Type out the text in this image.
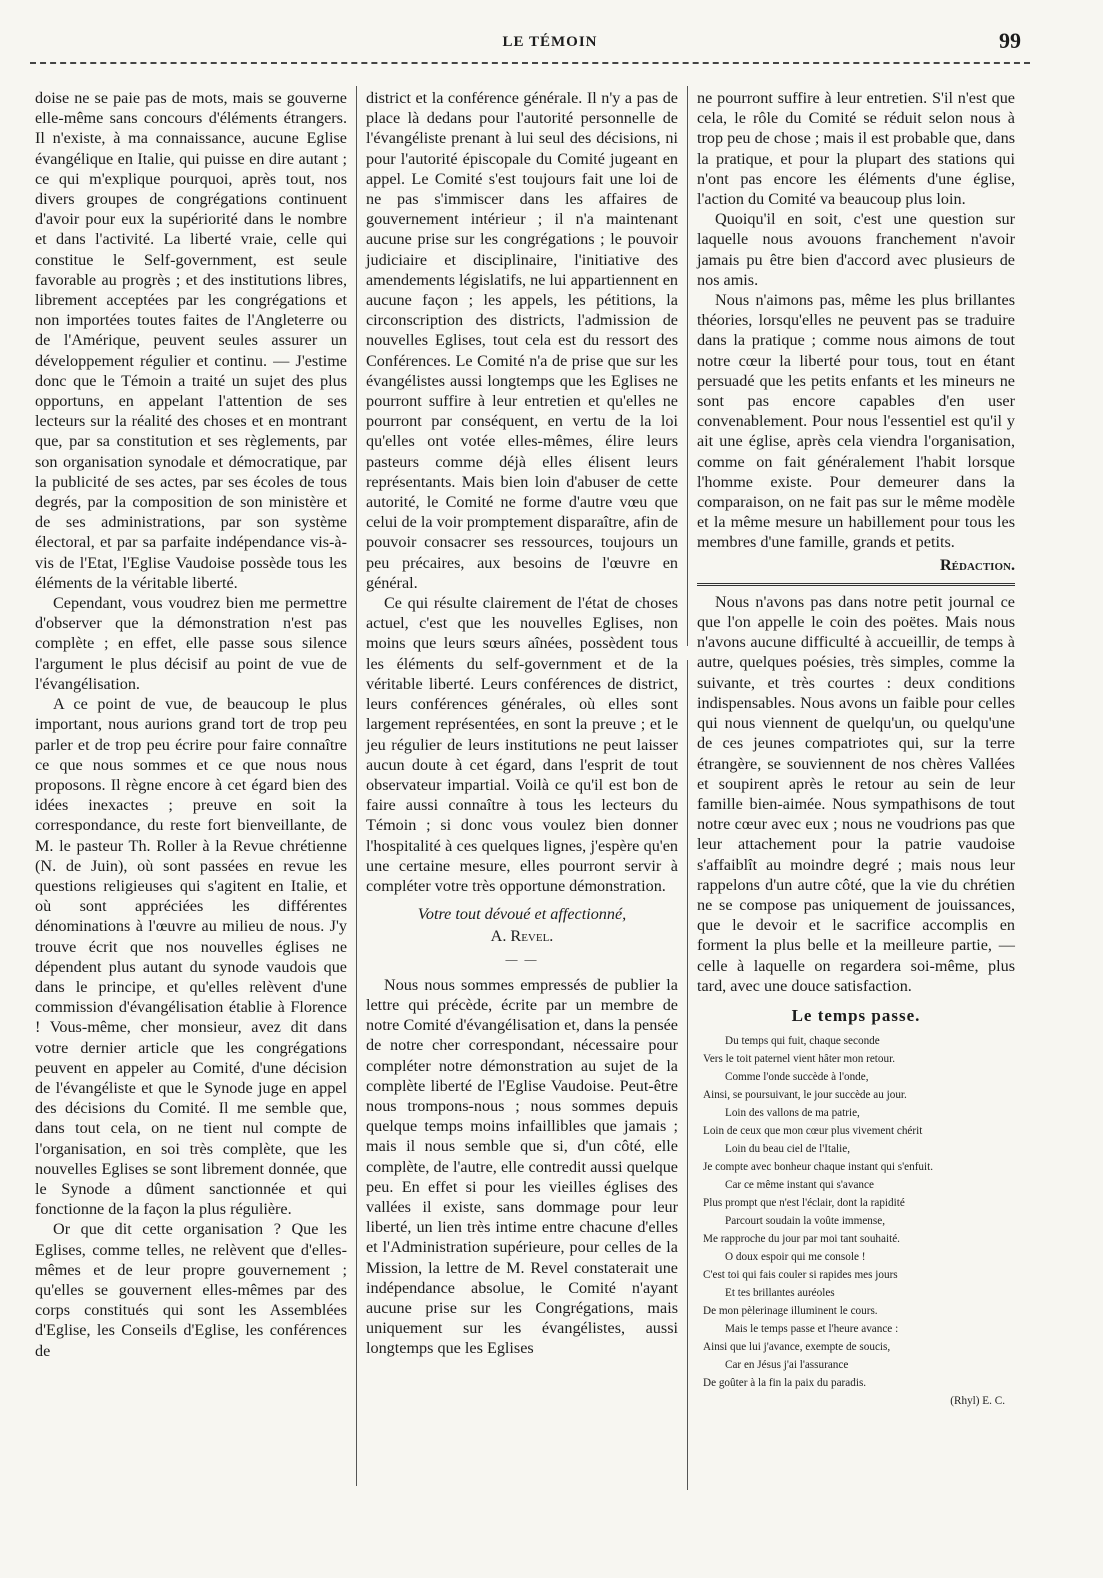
LE TÉMOIN	99

doise ne se paie pas de mots, mais se gouverne elle-même sans concours d'éléments étrangers. Il n'existe, à ma connaissance, aucune Eglise évangélique en Italie, qui puisse en dire autant ; ce qui m'explique pourquoi, après tout, nos divers groupes de congrégations continuent d'avoir pour eux la supériorité dans le nombre et dans l'activité. La liberté vraie, celle qui constitue le Self-government, est seule favorable au progrès ; et des institutions libres, librement acceptées par les congrégations et non importées toutes faites de l'Angleterre ou de l'Amérique, peuvent seules assurer un développement régulier et continu. — J'estime donc que le Témoin a traité un sujet des plus opportuns, en appelant l'attention de ses lecteurs sur la réalité des choses et en montrant que, par sa constitution et ses règlements, par son organisation synodale et démocratique, par la publicité de ses actes, par ses écoles de tous degrés, par la composition de son ministère et de ses administrations, par son système électoral, et par sa parfaite indépendance vis-à-vis de l'Etat, l'Eglise Vaudoise possède tous les éléments de la véritable liberté.

Cependant, vous voudrez bien me permettre d'observer que la démonstration n'est pas complète ; en effet, elle passe sous silence l'argument le plus décisif au point de vue de l'évangélisation.

A ce point de vue, de beaucoup le plus important, nous aurions grand tort de trop peu parler et de trop peu écrire pour faire connaître ce que nous sommes et ce que nous nous proposons. Il règne encore à cet égard bien des idées inexactes ; preuve en soit la correspondance, du reste fort bienveillante, de M. le pasteur Th. Roller à la Revue chrétienne (N. de Juin), où sont passées en revue les questions religieuses qui s'agitent en Italie, et où sont appréciées les différentes dénominations à l'œuvre au milieu de nous. J'y trouve écrit que nos nouvelles églises ne dépendent plus autant du synode vaudois que dans le principe, et qu'elles relèvent d'une commission d'évangélisation établie à Florence ! Vous-même, cher monsieur, avez dit dans votre dernier article que les congrégations peuvent en appeler au Comité, d'une décision de l'évangéliste et que le Synode juge en appel des décisions du Comité. Il me semble que, dans tout cela, on ne tient nul compte de l'organisation, en soi très complète, que les nouvelles Eglises se sont librement donnée, que le Synode a dûment sanctionnée et qui fonctionne de la façon la plus régulière.

Or que dit cette organisation ? Que les Eglises, comme telles, ne relèvent que d'elles-mêmes et de leur propre gouvernement ; qu'elles se gouvernent elles-mêmes par des corps constitués qui sont les Assemblées d'Eglise, les Conseils d'Eglise, les conférences de

district et la conférence générale. Il n'y a pas de place là dedans pour l'autorité personnelle de l'évangéliste prenant à lui seul des décisions, ni pour l'autorité épiscopale du Comité jugeant en appel. Le Comité s'est toujours fait une loi de ne pas s'immiscer dans les affaires de gouvernement intérieur ; il n'a maintenant aucune prise sur les congrégations ; le pouvoir judiciaire et disciplinaire, l'initiative des amendements législatifs, ne lui appartiennent en aucune façon ; les appels, les pétitions, la circonscription des districts, l'admission de nouvelles Eglises, tout cela est du ressort des Conférences. Le Comité n'a de prise que sur les évangélistes aussi longtemps que les Eglises ne pourront suffire à leur entretien et qu'elles ne pourront par conséquent, en vertu de la loi qu'elles ont votée elles-mêmes, élire leurs pasteurs comme déjà elles élisent leurs représentants. Mais bien loin d'abuser de cette autorité, le Comité ne forme d'autre vœu que celui de la voir promptement disparaître, afin de pouvoir consacrer ses ressources, toujours un peu précaires, aux besoins de l'œuvre en général.

Ce qui résulte clairement de l'état de choses actuel, c'est que les nouvelles Eglises, non moins que leurs sœurs aînées, possèdent tous les éléments du self-government et de la véritable liberté. Leurs conférences de district, leurs conférences générales, où elles sont largement représentées, en sont la preuve ; et le jeu régulier de leurs institutions ne peut laisser aucun doute à cet égard, dans l'esprit de tout observateur impartial. Voilà ce qu'il est bon de faire aussi connaître à tous les lecteurs du Témoin ; si donc vous voulez bien donner l'hospitalité à ces quelques lignes, j'espère qu'en une certaine mesure, elles pourront servir à compléter votre très opportune démonstration.

Votre tout dévoué et affectionné,

A. Revel.

— —

Nous nous sommes empressés de publier la lettre qui précède, écrite par un membre de notre Comité d'évangélisation et, dans la pensée de notre cher correspondant, nécessaire pour compléter notre démonstration au sujet de la complète liberté de l'Eglise Vaudoise. Peut-être nous trompons-nous ; nous sommes depuis quelque temps moins infaillibles que jamais ; mais il nous semble que si, d'un côté, elle complète, de l'autre, elle contredit aussi quelque peu. En effet si pour les vieilles églises des vallées il existe, sans dommage pour leur liberté, un lien très intime entre chacune d'elles et l'Administration supérieure, pour celles de la Mission, la lettre de M. Revel constaterait une indépendance absolue, le Comité n'ayant aucune prise sur les Congrégations, mais uniquement sur les évangélistes, aussi longtemps que les Eglises

ne pourront suffire à leur entretien. S'il n'est que cela, le rôle du Comité se réduit selon nous à trop peu de chose ; mais il est probable que, dans la pratique, et pour la plupart des stations qui n'ont pas encore les éléments d'une église, l'action du Comité va beaucoup plus loin.

Quoiqu'il en soit, c'est une question sur laquelle nous avouons franchement n'avoir jamais pu être bien d'accord avec plusieurs de nos amis.

Nous n'aimons pas, même les plus brillantes théories, lorsqu'elles ne peuvent pas se traduire dans la pratique ; comme nous aimons de tout notre cœur la liberté pour tous, tout en étant persuadé que les petits enfants et les mineurs ne sont pas encore capables d'en user convenablement. Pour nous l'essentiel est qu'il y ait une église, après cela viendra l'organisation, comme on fait généralement l'habit lorsque l'homme existe. Pour demeurer dans la comparaison, on ne fait pas sur le même modèle et la même mesure un habillement pour tous les membres d'une famille, grands et petits.

Rédaction.

Nous n'avons pas dans notre petit journal ce que l'on appelle le coin des poëtes. Mais nous n'avons aucune difficulté à accueillir, de temps à autre, quelques poésies, très simples, comme la suivante, et très courtes : deux conditions indispensables. Nous avons un faible pour celles qui nous viennent de quelqu'un, ou quelqu'une de ces jeunes compatriotes qui, sur la terre étrangère, se souviennent de nos chères Vallées et soupirent après le retour au sein de leur famille bien-aimée. Nous sympathisons de tout notre cœur avec eux ; nous ne voudrions pas que leur attachement pour la patrie vaudoise s'affaiblît au moindre degré ; mais nous leur rappelons d'un autre côté, que la vie du chrétien ne se compose pas uniquement de jouissances, que le devoir et le sacrifice accomplis en forment la plus belle et la meilleure partie, — celle à laquelle on regardera soi-même, plus tard, avec une douce satisfaction.

Le temps passe.
Du temps qui fuit, chaque seconde
Vers le toit paternel vient hâter mon retour.
Comme l'onde succède à l'onde,
Ainsi, se poursuivant, le jour succède au jour.
Loin des vallons de ma patrie,
Loin de ceux que mon cœur plus vivement chérit
Loin du beau ciel de l'Italie,
Je compte avec bonheur chaque instant qui s'enfuit.
Car ce même instant qui s'avance
Plus prompt que n'est l'éclair, dont la rapidité
Parcourt soudain la voûte immense,
Me rapproche du jour par moi tant souhaité.
O doux espoir qui me console !
C'est toi qui fais couler si rapides mes jours
Et tes brillantes auréoles
De mon pèlerinage illuminent le cours.
Mais le temps passe et l'heure avance :
Ainsi que lui j'avance, exempte de soucis,
Car en Jésus j'ai l'assurance
De goûter à la fin la paix du paradis.
(Rhyl) E. C.
